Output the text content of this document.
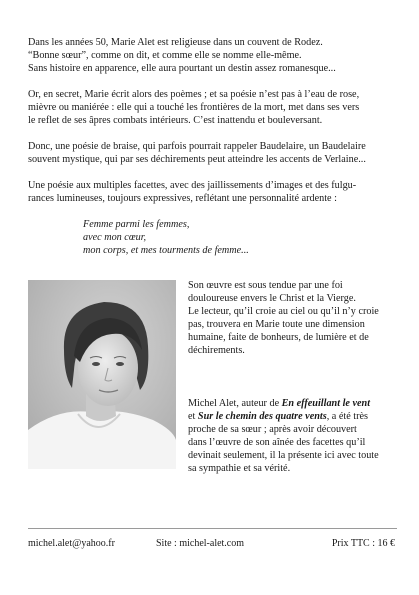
Dans les années 50, Marie Alet est religieuse dans un couvent de Rodez.
“Bonne sœur”, comme on dit, et comme elle se nomme elle-même.
Sans histoire en apparence, elle aura pourtant un destin assez romanesque...

Or, en secret, Marie écrit alors des poèmes ; et sa poésie n’est pas à l’eau de rose,
mièvre ou maniérée : elle qui a touché les frontières de la mort, met dans ses vers
le reflet de ses âpres combats intérieurs. C’est inattendu et bouleversant.

Donc, une poésie de braise, qui parfois pourrait rappeler Baudelaire, un Baudelaire
souvent mystique, qui par ses déchirements peut atteindre les accents de Verlaine...

Une poésie aux multiples facettes, avec des jaillissements d’images et des fulgu-
rances lumineuses, toujours expressives, reflétant une personnalité ardente :

Femme parmi les femmes,
avec mon cœur,
mon corps, et mes tourments de femme...

Son œuvre est sous tendue par une foi
douloureuse envers le Christ et la Vierge.
Le lecteur, qu’il croie au ciel ou qu’il n’y croie
pas, trouvera en Marie toute une dimension
humaine, faite de bonheurs, de lumière et de
déchirements.

Michel Alet, auteur de En effeuillant le vent
et Sur le chemin des quatre vents, a été très
proche de sa sœur ; après avoir découvert
dans l’œuvre de son aînée des facettes qu’il
devinait seulement, il la présente ici avec toute
sa sympathie et sa vérité.

michel.alet@yahoo.fr	Site : michel-alet.com	Prix TTC : 16 €
